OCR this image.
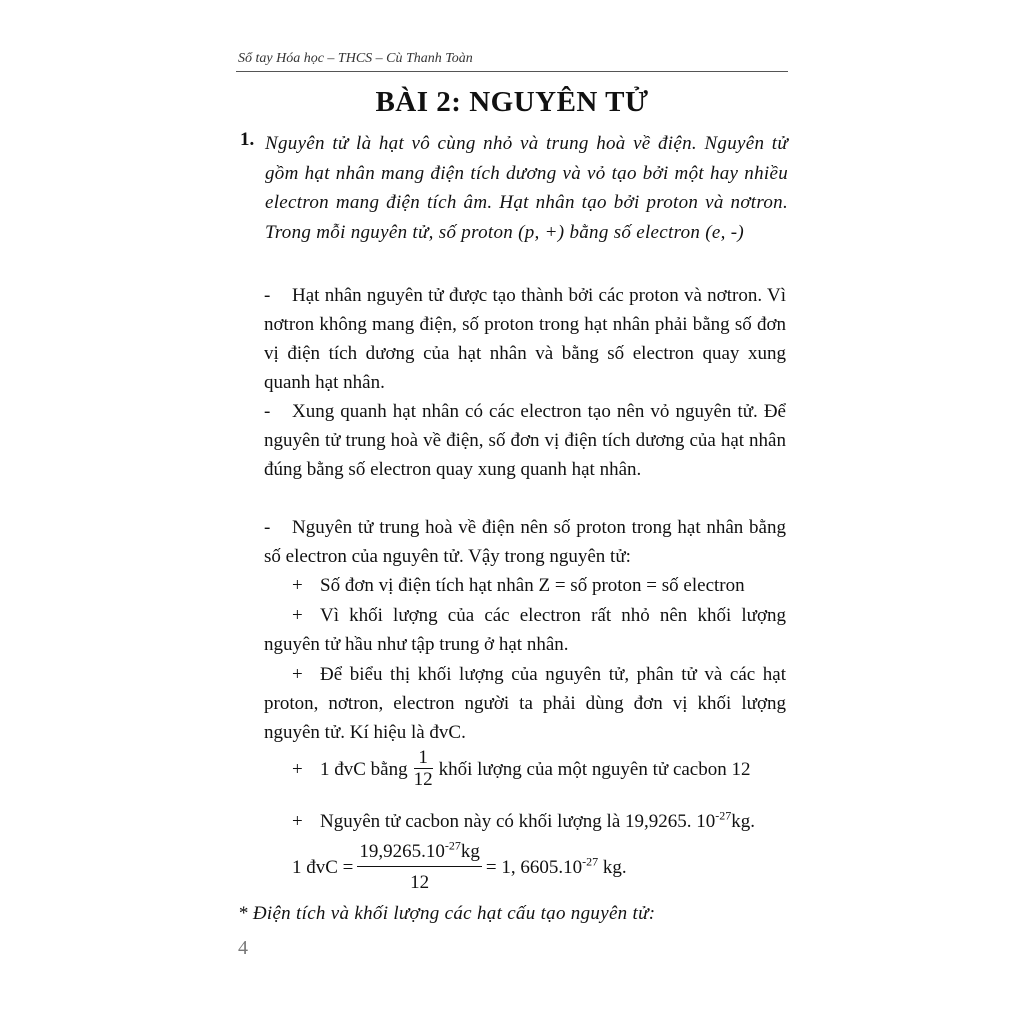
Sổ tay Hóa học – THCS – Cù Thanh Toàn
BÀI 2: NGUYÊN TỬ
1. Nguyên tử là hạt vô cùng nhỏ và trung hoà về điện. Nguyên tử gồm hạt nhân mang điện tích dương và vỏ tạo bởi một hay nhiều electron mang điện tích âm. Hạt nhân tạo bởi proton và nơtron. Trong mỗi nguyên tử, số proton (p, +) bằng số electron (e, -)
- Hạt nhân nguyên tử được tạo thành bởi các proton và nơtron. Vì nơtron không mang điện, số proton trong hạt nhân phải bằng số đơn vị điện tích dương của hạt nhân và bằng số electron quay xung quanh hạt nhân.
- Xung quanh hạt nhân có các electron tạo nên vỏ nguyên tử. Để nguyên tử trung hoà về điện, số đơn vị điện tích dương của hạt nhân đúng bằng số electron quay xung quanh hạt nhân.
- Nguyên tử trung hoà về điện nên số proton trong hạt nhân bằng số electron của nguyên tử. Vậy trong nguyên tử:
+ Số đơn vị điện tích hạt nhân Z = số proton = số electron
+ Vì khối lượng của các electron rất nhỏ nên khối lượng nguyên tử hầu như tập trung ở hạt nhân.
+ Để biểu thị khối lượng của nguyên tử, phân tử và các hạt proton, nơtron, electron người ta phải dùng đơn vị khối lượng nguyên tử. Kí hiệu là đvC.
+ 1 đvC bằng $\frac{1}{12}$ khối lượng của một nguyên tử cacbon 12
+ Nguyên tử cacbon này có khối lượng là 19,9265. $10^{-27}kg$.
1 đvC = $\frac{19,9265.10^{-27}kg}{12} = 1$, $6605.10^{-27}$ kg.
* Điện tích và khối lượng các hạt cấu tạo nguyên tử:
4
